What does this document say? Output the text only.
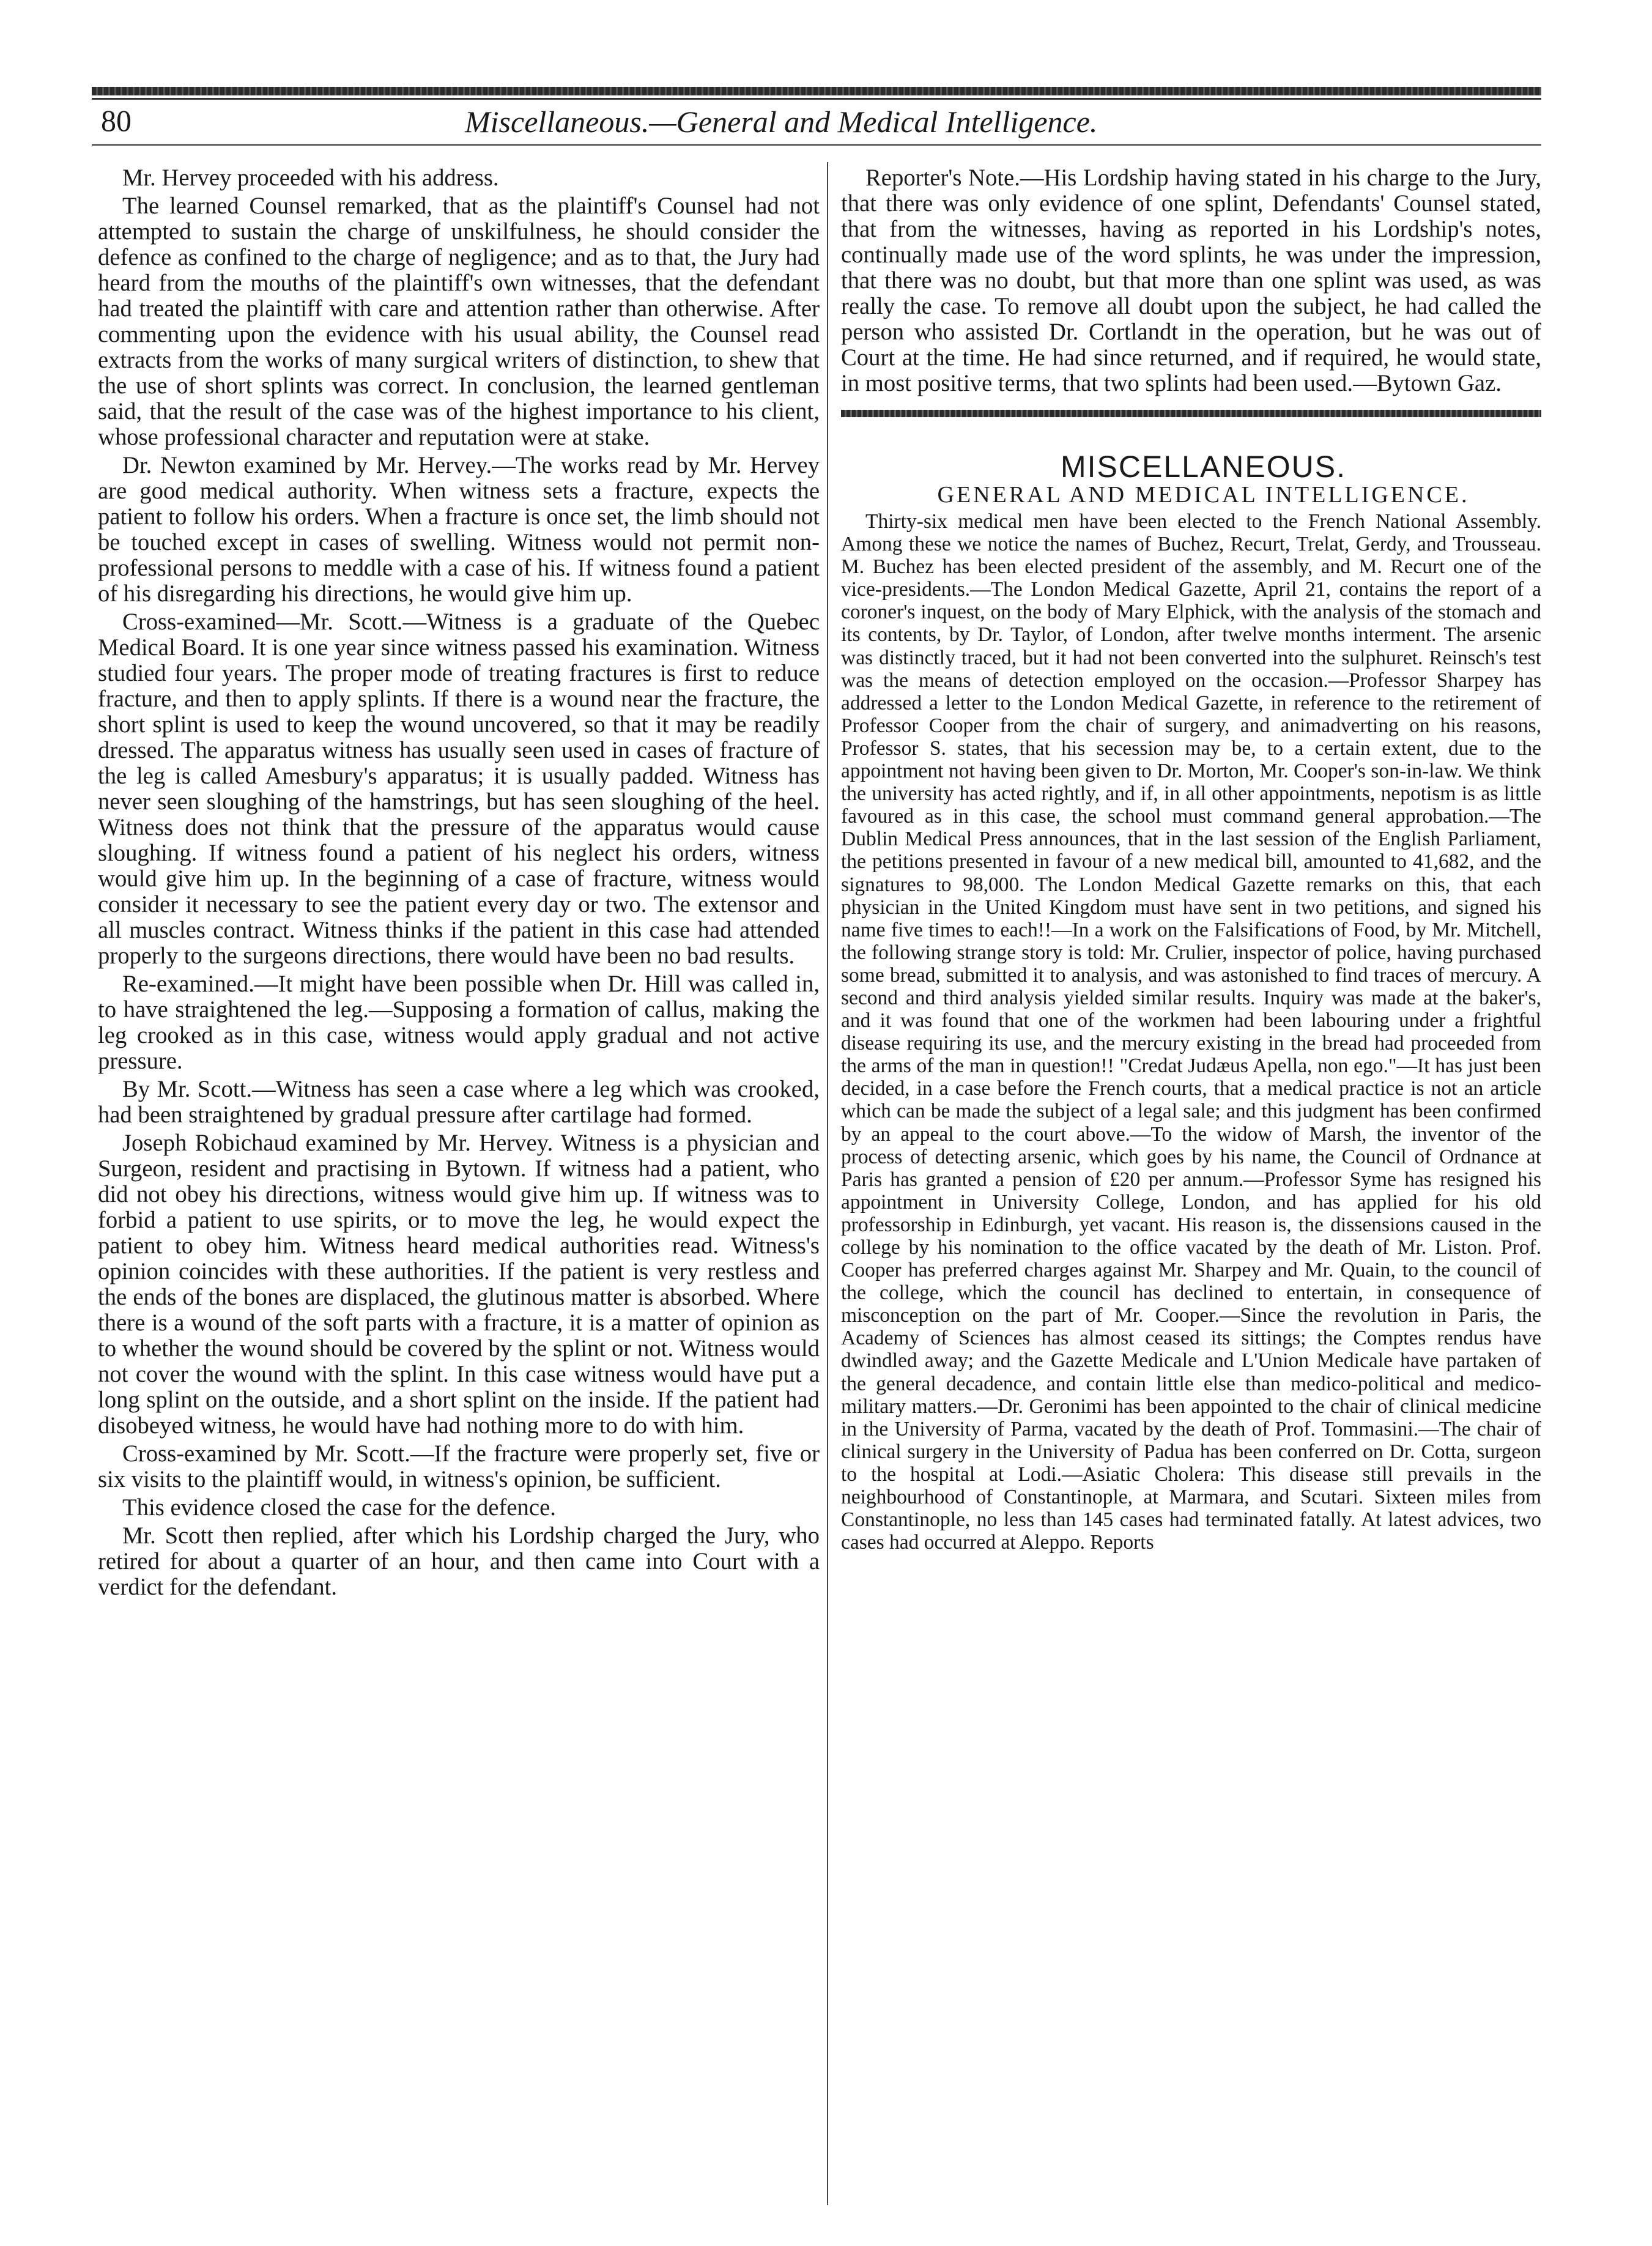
80	Miscellaneous.—General and Medical Intelligence.

Mr. Hervey proceeded with his address.

The learned Counsel remarked, that as the plaintiff's Counsel had not attempted to sustain the charge of unskilfulness, he should consider the defence as confined to the charge of negligence; and as to that, the Jury had heard from the mouths of the plaintiff's own witnesses, that the defendant had treated the plaintiff with care and attention rather than otherwise. After commenting upon the evidence with his usual ability, the Counsel read extracts from the works of many surgical writers of distinction, to shew that the use of short splints was correct. In conclusion, the learned gentleman said, that the result of the case was of the highest importance to his client, whose professional character and reputation were at stake.

Dr. Newton examined by Mr. Hervey.—The works read by Mr. Hervey are good medical authority. When witness sets a fracture, expects the patient to follow his orders. When a fracture is once set, the limb should not be touched except in cases of swelling. Witness would not permit non-professional persons to meddle with a case of his. If witness found a patient of his disregarding his directions, he would give him up.

Cross-examined—Mr. Scott.—Witness is a graduate of the Quebec Medical Board. It is one year since witness passed his examination. Witness studied four years. The proper mode of treating fractures is first to reduce fracture, and then to apply splints. If there is a wound near the fracture, the short splint is used to keep the wound uncovered, so that it may be readily dressed. The apparatus witness has usually seen used in cases of fracture of the leg is called Amesbury's apparatus; it is usually padded. Witness has never seen sloughing of the hamstrings, but has seen sloughing of the heel. Witness does not think that the pressure of the apparatus would cause sloughing. If witness found a patient of his neglect his orders, witness would give him up. In the beginning of a case of fracture, witness would consider it necessary to see the patient every day or two. The extensor and all muscles contract. Witness thinks if the patient in this case had attended properly to the surgeons directions, there would have been no bad results.

Re-examined.—It might have been possible when Dr. Hill was called in, to have straightened the leg.—Supposing a formation of callus, making the leg crooked as in this case, witness would apply gradual and not active pressure.

By Mr. Scott.—Witness has seen a case where a leg which was crooked, had been straightened by gradual pressure after cartilage had formed.

Joseph Robichaud examined by Mr. Hervey. Witness is a physician and Surgeon, resident and practising in Bytown. If witness had a patient, who did not obey his directions, witness would give him up. If witness was to forbid a patient to use spirits, or to move the leg, he would expect the patient to obey him. Witness heard medical authorities read. Witness's opinion coincides with these authorities. If the patient is very restless and the ends of the bones are displaced, the glutinous matter is absorbed. Where there is a wound of the soft parts with a fracture, it is a matter of opinion as to whether the wound should be covered by the splint or not. Witness would not cover the wound with the splint. In this case witness would have put a long splint on the outside, and a short splint on the inside. If the patient had disobeyed witness, he would have had nothing more to do with him.

Cross-examined by Mr. Scott.—If the fracture were properly set, five or six visits to the plaintiff would, in witness's opinion, be sufficient.

This evidence closed the case for the defence.

Mr. Scott then replied, after which his Lordship charged the Jury, who retired for about a quarter of an hour, and then came into Court with a verdict for the defendant.

Reporter's Note.—His Lordship having stated in his charge to the Jury, that there was only evidence of one splint, Defendants' Counsel stated, that from the witnesses, having as reported in his Lordship's notes, continually made use of the word splints, he was under the impression, that there was no doubt, but that more than one splint was used, as was really the case. To remove all doubt upon the subject, he had called the person who assisted Dr. Cortlandt in the operation, but he was out of Court at the time. He had since returned, and if required, he would state, in most positive terms, that two splints had been used.—Bytown Gaz.

MISCELLANEOUS.

GENERAL AND MEDICAL INTELLIGENCE.

Thirty-six medical men have been elected to the French National Assembly. Among these we notice the names of Buchez, Recurt, Trelat, Gerdy, and Trousseau. M. Buchez has been elected president of the assembly, and M. Recurt one of the vice-presidents.—The London Medical Gazette, April 21, contains the report of a coroner's inquest, on the body of Mary Elphick, with the analysis of the stomach and its contents, by Dr. Taylor, of London, after twelve months interment. The arsenic was distinctly traced, but it had not been converted into the sulphuret. Reinsch's test was the means of detection employed on the occasion.—Professor Sharpey has addressed a letter to the London Medical Gazette, in reference to the retirement of Professor Cooper from the chair of surgery, and animadverting on his reasons, Professor S. states, that his secession may be, to a certain extent, due to the appointment not having been given to Dr. Morton, Mr. Cooper's son-in-law. We think the university has acted rightly, and if, in all other appointments, nepotism is as little favoured as in this case, the school must command general approbation.—The Dublin Medical Press announces, that in the last session of the English Parliament, the petitions presented in favour of a new medical bill, amounted to 41,682, and the signatures to 98,000. The London Medical Gazette remarks on this, that each physician in the United Kingdom must have sent in two petitions, and signed his name five times to each!!—In a work on the Falsifications of Food, by Mr. Mitchell, the following strange story is told: Mr. Crulier, inspector of police, having purchased some bread, submitted it to analysis, and was astonished to find traces of mercury. A second and third analysis yielded similar results. Inquiry was made at the baker's, and it was found that one of the workmen had been labouring under a frightful disease requiring its use, and the mercury existing in the bread had proceeded from the arms of the man in question!! "Credat Judæus Apella, non ego."—It has just been decided, in a case before the French courts, that a medical practice is not an article which can be made the subject of a legal sale; and this judgment has been confirmed by an appeal to the court above.—To the widow of Marsh, the inventor of the process of detecting arsenic, which goes by his name, the Council of Ordnance at Paris has granted a pension of £20 per annum.—Professor Syme has resigned his appointment in University College, London, and has applied for his old professorship in Edinburgh, yet vacant. His reason is, the dissensions caused in the college by his nomination to the office vacated by the death of Mr. Liston. Prof. Cooper has preferred charges against Mr. Sharpey and Mr. Quain, to the council of the college, which the council has declined to entertain, in consequence of misconception on the part of Mr. Cooper.—Since the revolution in Paris, the Academy of Sciences has almost ceased its sittings; the Comptes rendus have dwindled away; and the Gazette Medicale and L'Union Medicale have partaken of the general decadence, and contain little else than medico-political and medico-military matters.—Dr. Geronimi has been appointed to the chair of clinical medicine in the University of Parma, vacated by the death of Prof. Tommasini.—The chair of clinical surgery in the University of Padua has been conferred on Dr. Cotta, surgeon to the hospital at Lodi.—Asiatic Cholera: This disease still prevails in the neighbourhood of Constantinople, at Marmara, and Scutari. Sixteen miles from Constantinople, no less than 145 cases had terminated fatally. At latest advices, two cases had occurred at Aleppo. Reports
